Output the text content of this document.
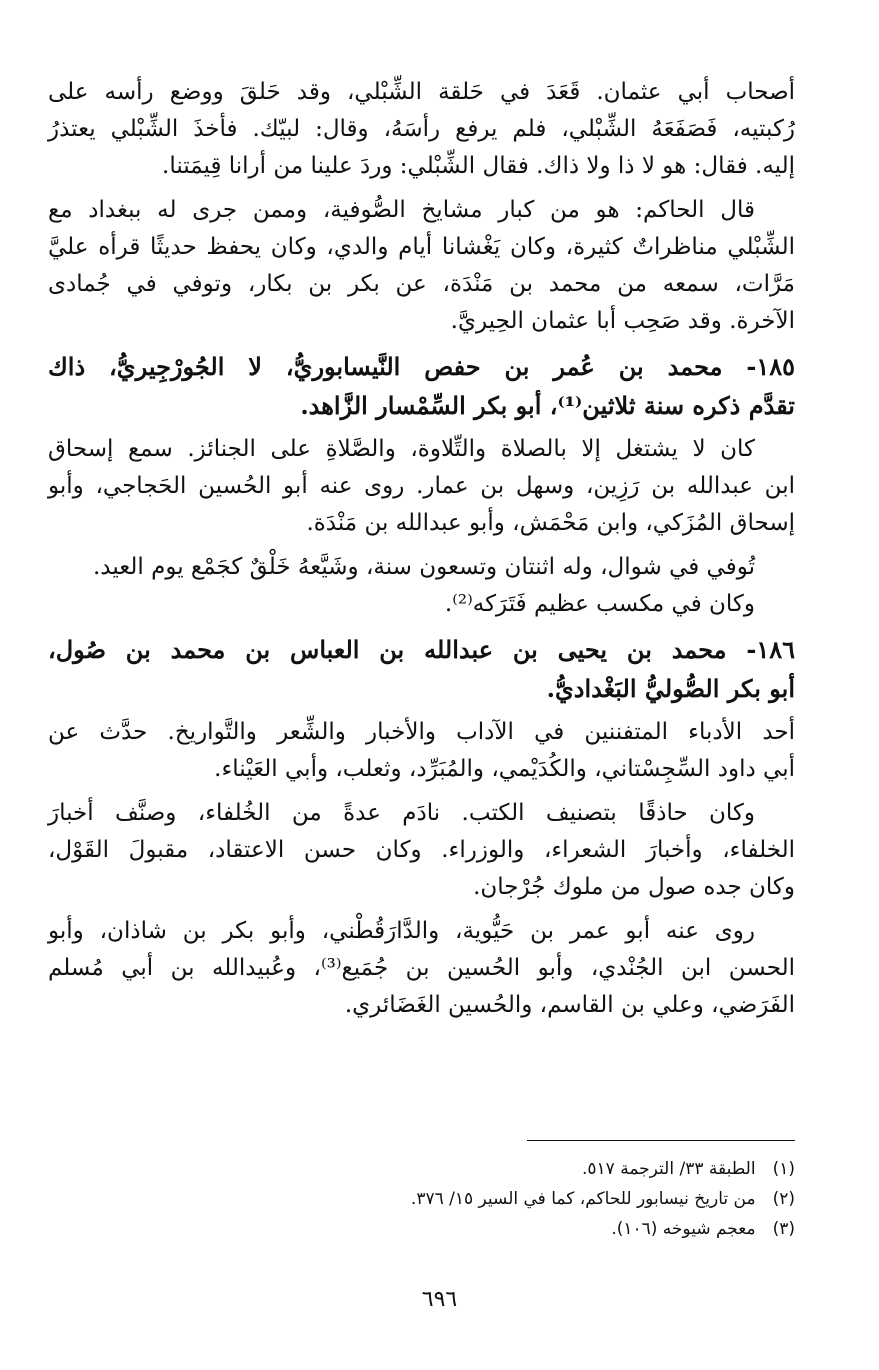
أصحاب أبي عثمان. قَعَدَ في حَلقة الشِّبْلي، وقد حَلقَ ووضع رأسه على
رُكبتيه، فَصَفَعَهُ الشِّبْلي، فلم يرفع رأسَهُ، وقال: لبيّك. فأخذَ الشِّبْلي يعتذرُ
إليه. فقال: هو لا ذا ولا ذاك. فقال الشِّبْلي: وردَ علينا من أرانا قِيمَتنا.
قال الحاكم: هو من كبار مشايخ الصُّوفية، وممن جرى له ببغداد مع
الشِّبْلي مناظراتٌ كثيرة، وكان يَغْشانا أيام والدي، وكان يحفظ حديثًا قرأه عليَّ
مَرَّات، سمعه من محمد بن مَنْدَة، عن بكر بن بكار، وتوفي في جُمادى
الآخرة. وقد صَحِب أبا عثمان الحِيريَّ.
١٨٥- محمد بن عُمر بن حفص النَّيسابوريُّ، لا الجُورْجِيريُّ، ذاك
تقدَّم ذكره سنة ثلاثين⁽¹⁾، أبو بكر السِّمْسار الزَّاهد.
كان لا يشتغل إلا بالصلاة والتِّلاوة، والصَّلاةِ على الجنائز. سمع إسحاق
ابن عبدالله بن رَزِين، وسهل بن عمار. روى عنه أبو الحُسين الحَجاجي، وأبو
إسحاق المُزَكي، وابن مَحْمَش، وأبو عبدالله بن مَنْدَة.
تُوفي في شوال، وله اثنتان وتسعون سنة، وشَيَّعهُ خَلْقٌ كجَمْع يوم العيد.
وكان في مكسب عظيم فَتَرَكه⁽²⁾.
١٨٦- محمد بن يحيى بن عبدالله بن العباس بن محمد بن صُول،
أبو بكر الصُّوليُّ البَغْداديُّ.
أحد الأدباء المتفننين في الآداب والأخبار والشِّعر والتَّواريخ. حدَّث عن
أبي داود السِّجِسْتاني، والكُدَيْمي، والمُبَرِّد، وثعلب، وأبي العَيْناء.
وكان حاذقًا بتصنيف الكتب. نادَم عدةً من الخُلفاء، وصنَّف أخبارَ
الخلفاء، وأخبارَ الشعراء، والوزراء. وكان حسن الاعتقاد، مقبولَ القَوْل،
وكان جده صول من ملوك جُرْجان.
روى عنه أبو عمر بن حَيُّوية، والدَّارَقُطْني، وأبو بكر بن شاذان، وأبو
الحسن ابن الجُنْدي، وأبو الحُسين بن جُمَيع⁽³⁾، وعُبيدالله بن أبي مُسلم
الفَرَضي، وعلي بن القاسم، والحُسين الغَضَائري.
(١) الطبقة ٣٣/ الترجمة ٥١٧.
(٢) من تاريخ نيسابور للحاكم، كما في السير ١٥/ ٣٧٦.
(٣) معجم شيوخه (١٠٦).
٦٩٦
